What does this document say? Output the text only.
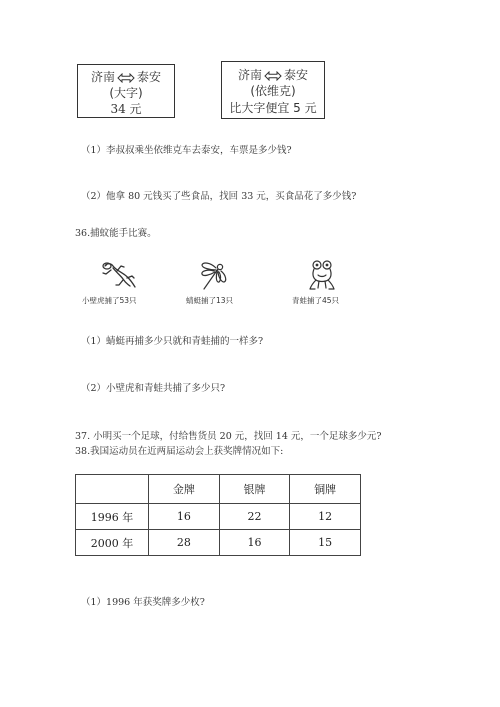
济南 泰安
(大字)
34 元
济南 泰安
(依维克)
比大字便宜 5 元
（1）李叔叔乘坐依维克车去泰安，车票是多少钱?
（2）他拿 80 元钱买了些食品，找回 33 元，买食品花了多少钱?
36.捕蚊能手比赛。
小壁虎捕了53只	蜻蜓捕了13只	青蛙捕了45只
（1）蜻蜓再捕多少只就和青蛙捕的一样多?
（2）小壁虎和青蛙共捕了多少只?
37. 小明买一个足球，付给售货员 20 元，找回 14 元，一个足球多少元?
38.我国运动员在近两届运动会上获奖牌情况如下:
	金牌	银牌	铜牌
1996 年	16	22	12
2000 年	28	16	15
（1）1996 年获奖牌多少枚?
